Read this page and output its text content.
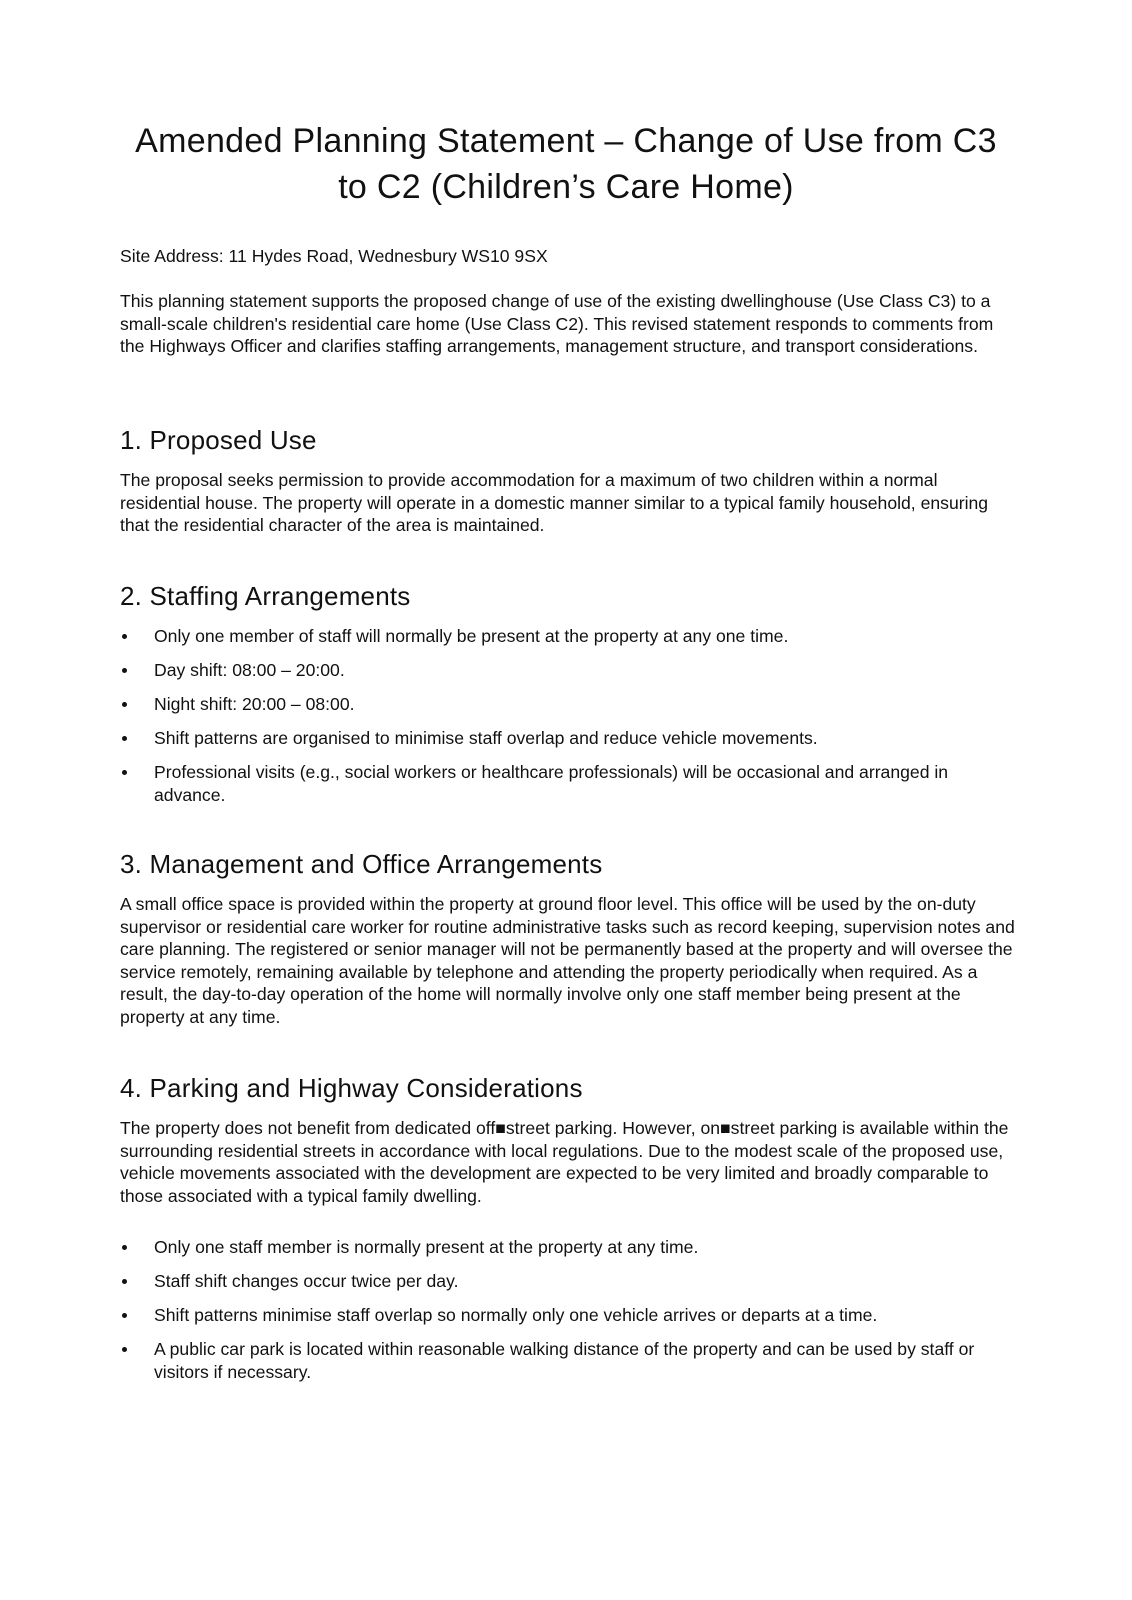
Amended Planning Statement – Change of Use from C3 to C2 (Children’s Care Home)

Site Address: 11 Hydes Road, Wednesbury WS10 9SX

This planning statement supports the proposed change of use of the existing dwellinghouse (Use Class C3) to a small-scale children's residential care home (Use Class C2). This revised statement responds to comments from the Highways Officer and clarifies staffing arrangements, management structure, and transport considerations.

1. Proposed Use

The proposal seeks permission to provide accommodation for a maximum of two children within a normal residential house. The property will operate in a domestic manner similar to a typical family household, ensuring that the residential character of the area is maintained.

2. Staffing Arrangements
Only one member of staff will normally be present at the property at any one time.
Day shift: 08:00 – 20:00.
Night shift: 20:00 – 08:00.
Shift patterns are organised to minimise staff overlap and reduce vehicle movements.
Professional visits (e.g., social workers or healthcare professionals) will be occasional and arranged in advance.
3. Management and Office Arrangements

A small office space is provided within the property at ground floor level. This office will be used by the on-duty supervisor or residential care worker for routine administrative tasks such as record keeping, supervision notes and care planning. The registered or senior manager will not be permanently based at the property and will oversee the service remotely, remaining available by telephone and attending the property periodically when required. As a result, the day-to-day operation of the home will normally involve only one staff member being present at the property at any time.

4. Parking and Highway Considerations

The property does not benefit from dedicated off■street parking. However, on■street parking is available within the surrounding residential streets in accordance with local regulations. Due to the modest scale of the proposed use, vehicle movements associated with the development are expected to be very limited and broadly comparable to those associated with a typical family dwelling.

Only one staff member is normally present at the property at any time.
Staff shift changes occur twice per day.
Shift patterns minimise staff overlap so normally only one vehicle arrives or departs at a time.
A public car park is located within reasonable walking distance of the property and can be used by staff or visitors if necessary.
